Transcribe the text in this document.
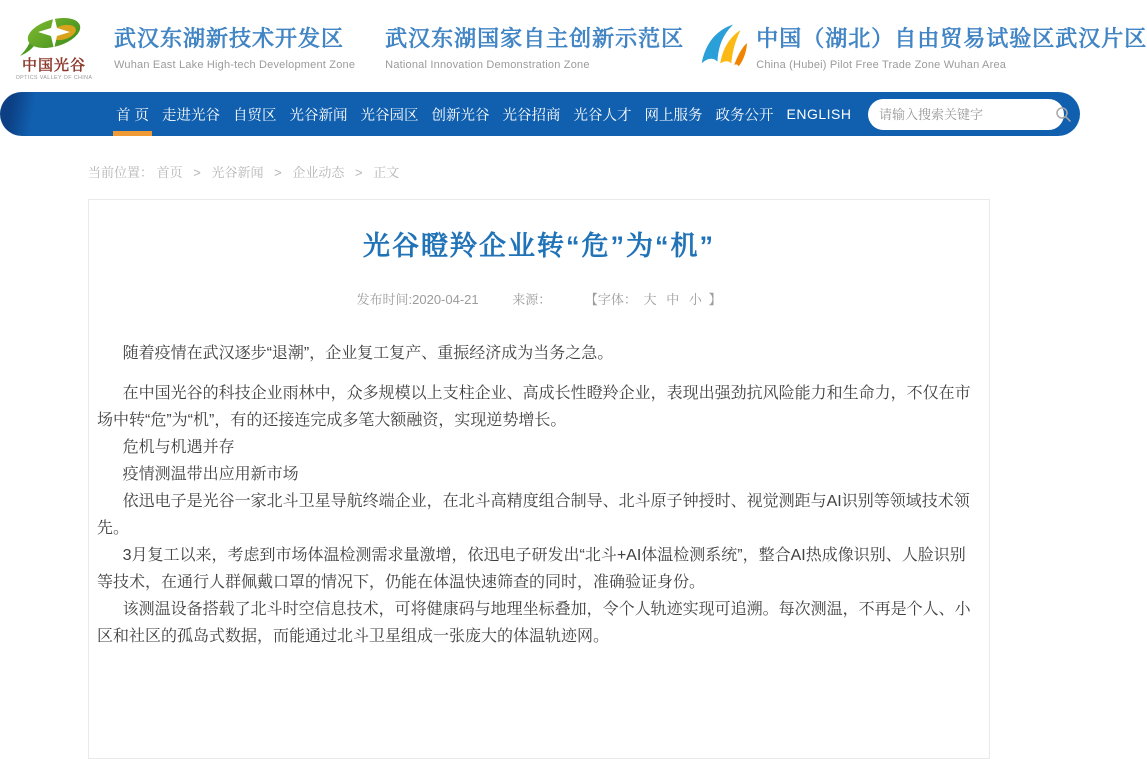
中国光谷
OPTICS VALLEY OF CHINA
武汉东湖新技术开发区
Wuhan East Lake High-tech Development Zone
武汉东湖国家自主创新示范区
National Innovation Demonstration Zone
中国（湖北）自由贸易试验区武汉片区
China (Hubei) Pilot Free Trade Zone Wuhan Area
首 页 走进光谷 自贸区 光谷新闻 光谷园区 创新光谷 光谷招商 光谷人才 网上服务 政务公开 ENGLISH
请输入搜索关键字
当前位置： 首页 > 光谷新闻 > 企业动态 > 正文
光谷瞪羚企业转“危”为“机”
发布时间:2020-04-21	来源：	【字体： 大 中 小 】

随着疫情在武汉逐步“退潮”，企业复工复产、重振经济成为当务之急。

在中国光谷的科技企业雨林中，众多规模以上支柱企业、高成长性瞪羚企业，表现出强劲抗风险能力和生命力，不仅在市场中转“危”为“机”，有的还接连完成多笔大额融资，实现逆势增长。

危机与机遇并存

疫情测温带出应用新市场

依迅电子是光谷一家北斗卫星导航终端企业，在北斗高精度组合制导、北斗原子钟授时、视觉测距与AI识别等领域技术领先。

3月复工以来，考虑到市场体温检测需求量激增，依迅电子研发出“北斗+AI体温检测系统”，整合AI热成像识别、人脸识别等技术，在通行人群佩戴口罩的情况下，仍能在体温快速筛查的同时，准确验证身份。

该测温设备搭载了北斗时空信息技术，可将健康码与地理坐标叠加，令个人轨迹实现可追溯。每次测温，不再是个人、小区和社区的孤岛式数据，而能通过北斗卫星组成一张庞大的体温轨迹网。
